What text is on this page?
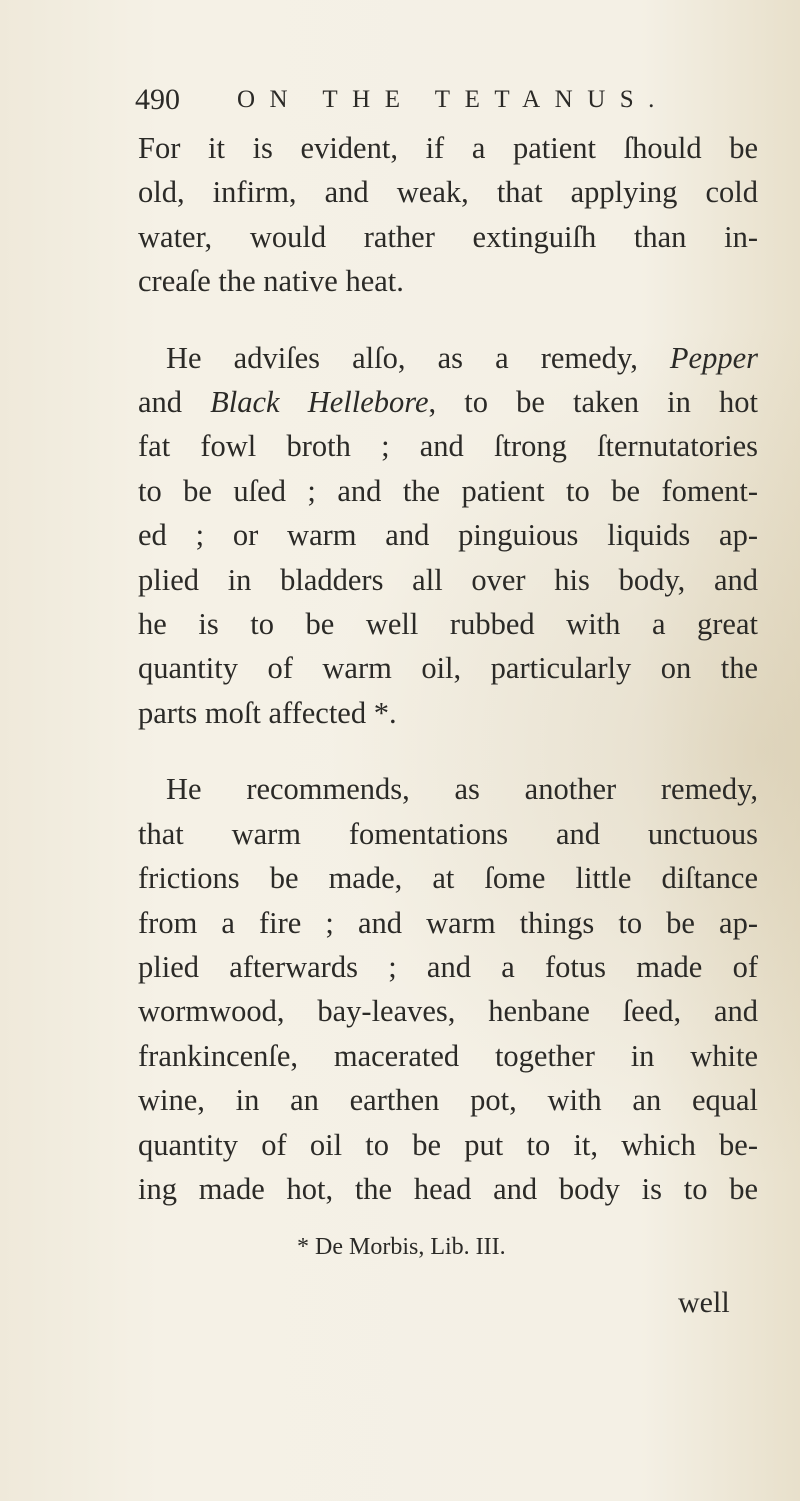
490 ON THE TETANUS.

For it is evident, if a patient ſhould be
old, infirm, and weak, that applying cold
water, would rather extinguiſh than in-
creaſe the native heat.

He adviſes alſo, as a remedy, Pepper
and Black Hellebore, to be taken in hot
fat fowl broth ; and ſtrong ſternutatories
to be uſed ; and the patient to be foment-
ed ; or warm and pinguious liquids ap-
plied in bladders all over his body, and
he is to be well rubbed with a great
quantity of warm oil, particularly on the
parts moſt affected *.

He recommends, as another remedy,
that warm fomentations and unctuous
frictions be made, at ſome little diſtance
from a fire ; and warm things to be ap-
plied afterwards ; and a fotus made of
wormwood, bay-leaves, henbane ſeed, and
frankincenſe, macerated together in white
wine, in an earthen pot, with an equal
quantity of oil to be put to it, which be-
ing made hot, the head and body is to be

* De Morbis, Lib. III.
well
